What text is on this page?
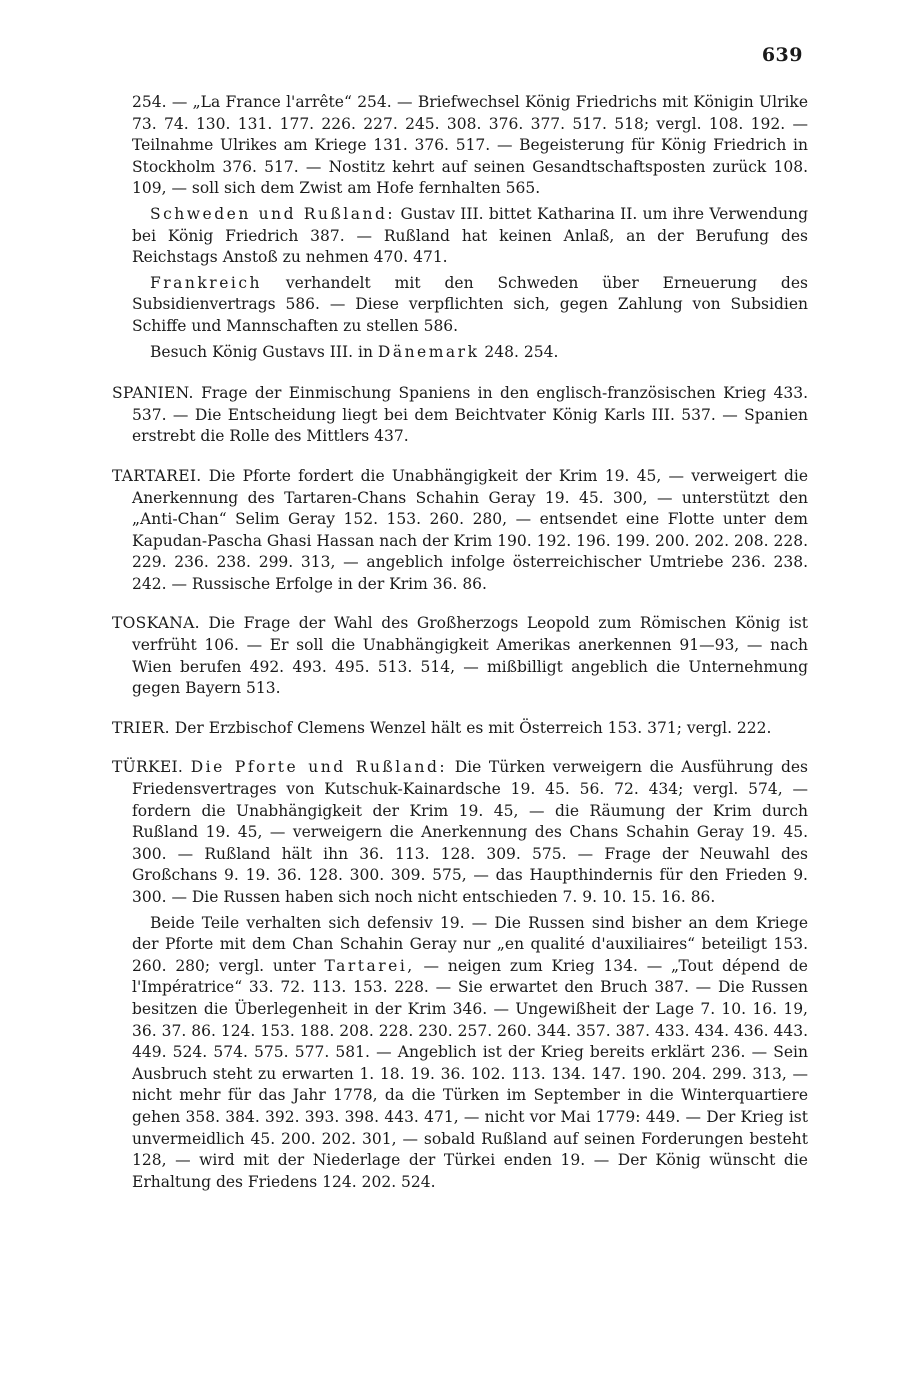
639

254. — „La France l'arrête“ 254. — Briefwechsel König Friedrichs mit Königin Ulrike 73. 74. 130. 131. 177. 226. 227. 245. 308. 376. 377. 517. 518; vergl. 108. 192. — Teilnahme Ulrikes am Kriege 131. 376. 517. — Begeisterung für König Friedrich in Stockholm 376. 517. — Nostitz kehrt auf seinen Gesandtschaftsposten zurück 108. 109, — soll sich dem Zwist am Hofe fernhalten 565.

Schweden und Rußland: Gustav III. bittet Katharina II. um ihre Verwendung bei König Friedrich 387. — Rußland hat keinen Anlaß, an der Berufung des Reichstags Anstoß zu nehmen 470. 471.

Frankreich verhandelt mit den Schweden über Erneuerung des Subsidienvertrags 586. — Diese verpflichten sich, gegen Zahlung von Subsidien Schiffe und Mannschaften zu stellen 586.

Besuch König Gustavs III. in Dänemark 248. 254.

SPANIEN. Frage der Einmischung Spaniens in den englisch-französischen Krieg 433. 537. — Die Entscheidung liegt bei dem Beichtvater König Karls III. 537. — Spanien erstrebt die Rolle des Mittlers 437.

TARTAREI. Die Pforte fordert die Unabhängigkeit der Krim 19. 45, — verweigert die Anerkennung des Tartaren-Chans Schahin Geray 19. 45. 300, — unterstützt den „Anti-Chan“ Selim Geray 152. 153. 260. 280, — entsendet eine Flotte unter dem Kapudan-Pascha Ghasi Hassan nach der Krim 190. 192. 196. 199. 200. 202. 208. 228. 229. 236. 238. 299. 313, — angeblich infolge österreichischer Umtriebe 236. 238. 242. — Russische Erfolge in der Krim 36. 86.

TOSKANA. Die Frage der Wahl des Großherzogs Leopold zum Römischen König ist verfrüht 106. — Er soll die Unabhängigkeit Amerikas anerkennen 91—93, — nach Wien berufen 492. 493. 495. 513. 514, — mißbilligt angeblich die Unternehmung gegen Bayern 513.

TRIER. Der Erzbischof Clemens Wenzel hält es mit Österreich 153. 371; vergl. 222.

TÜRKEI. Die Pforte und Rußland: Die Türken verweigern die Ausführung des Friedensvertrages von Kutschuk-Kainardsche 19. 45. 56. 72. 434; vergl. 574, — fordern die Unabhängigkeit der Krim 19. 45, — die Räumung der Krim durch Rußland 19. 45, — verweigern die Anerkennung des Chans Schahin Geray 19. 45. 300. — Rußland hält ihn 36. 113. 128. 309. 575. — Frage der Neuwahl des Großchans 9. 19. 36. 128. 300. 309. 575, — das Haupthindernis für den Frieden 9. 300. — Die Russen haben sich noch nicht entschieden 7. 9. 10. 15. 16. 86.

Beide Teile verhalten sich defensiv 19. — Die Russen sind bisher an dem Kriege der Pforte mit dem Chan Schahin Geray nur „en qualité d'auxiliaires“ beteiligt 153. 260. 280; vergl. unter Tartarei, — neigen zum Krieg 134. — „Tout dépend de l'Impératrice“ 33. 72. 113. 153. 228. — Sie erwartet den Bruch 387. — Die Russen besitzen die Überlegenheit in der Krim 346. — Ungewißheit der Lage 7. 10. 16. 19, 36. 37. 86. 124. 153. 188. 208. 228. 230. 257. 260. 344. 357. 387. 433. 434. 436. 443. 449. 524. 574. 575. 577. 581. — Angeblich ist der Krieg bereits erklärt 236. — Sein Ausbruch steht zu erwarten 1. 18. 19. 36. 102. 113. 134. 147. 190. 204. 299. 313, — nicht mehr für das Jahr 1778, da die Türken im September in die Winterquartiere gehen 358. 384. 392. 393. 398. 443. 471, — nicht vor Mai 1779: 449. — Der Krieg ist unvermeidlich 45. 200. 202. 301, — sobald Rußland auf seinen Forderungen besteht 128, — wird mit der Niederlage der Türkei enden 19. — Der König wünscht die Erhaltung des Friedens 124. 202. 524.
